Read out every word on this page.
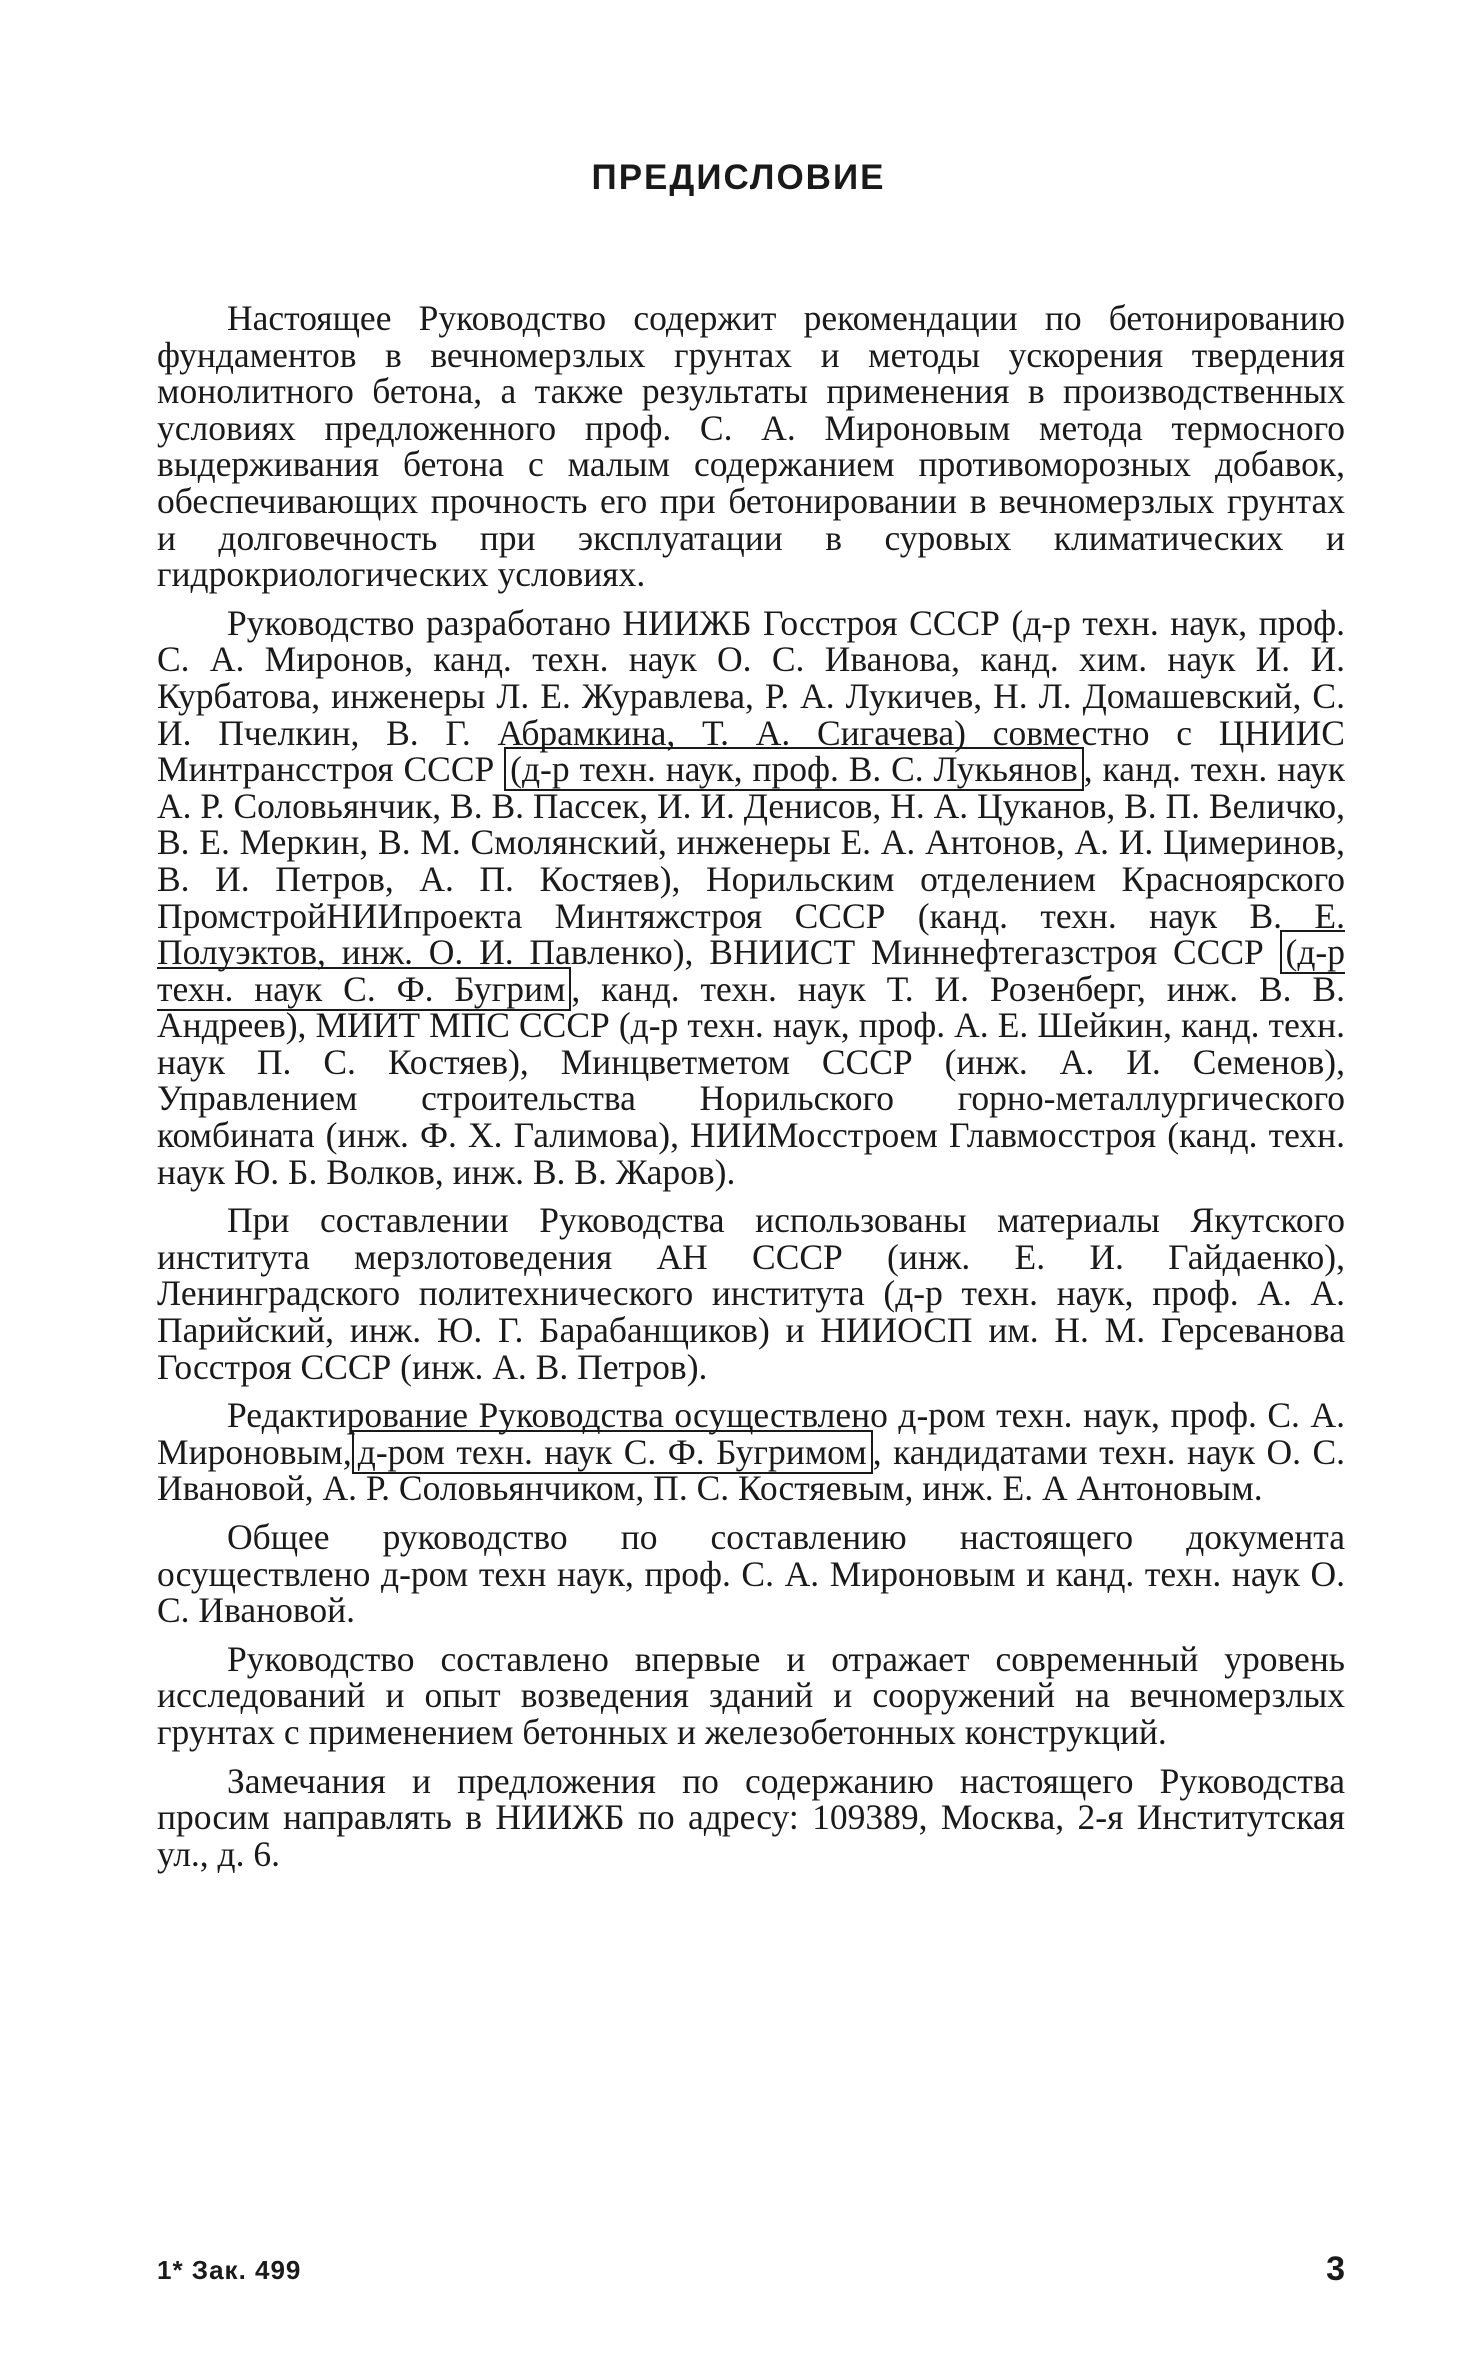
ПРЕДИСЛОВИЕ

Настоящее Руководство содержит рекомендации по бетонированию фундаментов в вечномерзлых грунтах и методы ускорения твердения монолитного бетона, а также результаты применения в производственных условиях предложенного проф. С. А. Мироновым метода термосного выдерживания бетона с малым содержанием противоморозных добавок, обеспечивающих прочность его при бетонировании в вечномерзлых грунтах и долговечность при эксплуатации в суровых климатических и гидрокриологических условиях.

Руководство разработано НИИЖБ Госстроя СССР (д-р техн. наук, проф. С. А. Миронов, канд. техн. наук О. С. Иванова, канд. хим. наук И. И. Курбатова, инженеры Л. Е. Журавлева, Р. А. Лукичев, Н. Л. Домашевский, С. И. Пчелкин, В. Г. Абрамкина, Т. А. Сигачева) совместно с ЦНИИС Минтрансстроя СССР (д-р техн. наук, проф. В. С. Лукьянов , канд. техн. наук А. Р. Соловьянчик, В. В. Пассек, И. И. Денисов, Н. А. Цуканов, В. П. Величко, В. Е. Меркин, В. М. Смолянский, инженеры Е. А. Антонов, А. И. Цимеринов, В. И. Петров, А. П. Костяев), Норильским отделением Красноярского ПромстройНИИпроекта Минтяжстроя СССР (канд. техн. наук В. Е. Полуэктов, инж. О. И. Павленко), ВНИИСТ Миннефтегазстроя СССР (д-р техн. наук С. Ф. Бугрим , канд. техн. наук Т. И. Розенберг, инж. В. В. Андреев), МИИТ МПС СССР (д-р техн. наук, проф. А. Е. Шейкин, канд. техн. наук П. С. Костяев), Минцветметом СССР (инж. А. И. Семенов), Управлением строительства Норильского горно-металлургического комбината (инж. Ф. Х. Галимова), НИИМосстроем Главмосстроя (канд. техн. наук Ю. Б. Волков, инж. В. В. Жаров).

При составлении Руководства использованы материалы Якутского института мерзлотоведения АН СССР (инж. Е. И. Гайдаенко), Ленинградского политехнического института (д-р техн. наук, проф. А. А. Парийский, инж. Ю. Г. Барабанщиков) и НИИОСП им. Н. М. Герсеванова Госстроя СССР (инж. А. В. Петров).

Редактирование Руководства осуществлено д-ром техн. наук, проф. С. А. Мироновым, д-ром техн. наук С. Ф. Бугримом , кандидатами техн. наук О. С. Ивановой, А. Р. Соловьянчиком, П. С. Костяевым, инж. Е. А Антоновым.

Общее руководство по составлению настоящего документа осуществлено д-ром техн наук, проф. С. А. Мироновым и канд. техн. наук О. С. Ивановой.

Руководство составлено впервые и отражает современный уровень исследований и опыт возведения зданий и сооружений на вечномерзлых грунтах с применением бетонных и железобетонных конструкций.

Замечания и предложения по содержанию настоящего Руководства просим направлять в НИИЖБ по адресу: 109389, Москва, 2-я Институтская ул., д. 6.

1* Зак. 499	3
